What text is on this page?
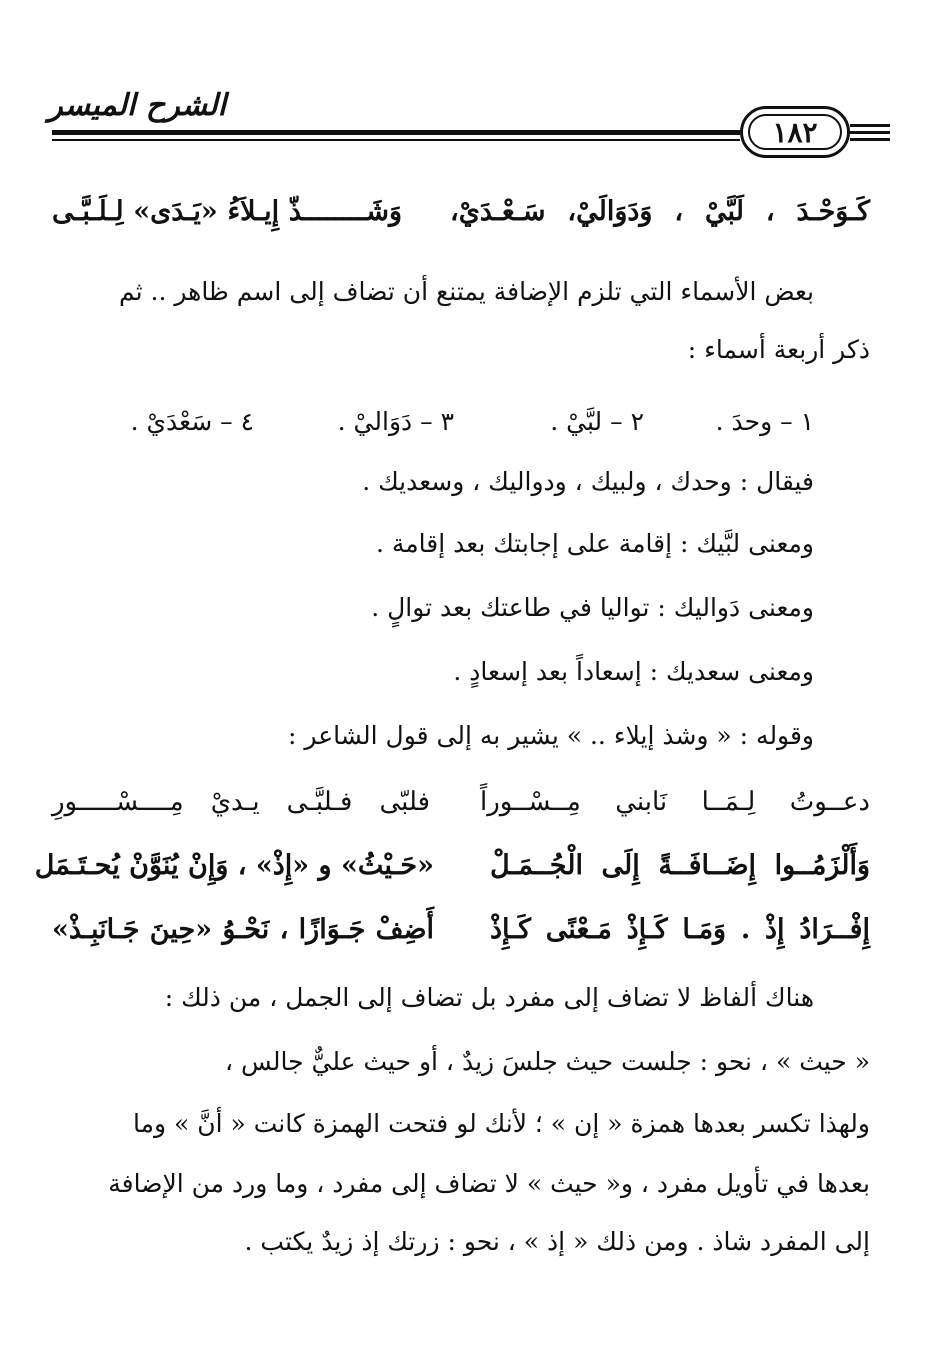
الشرح الميسر
١٨٢
كَـوَحْـدَ ، لَبَّيْ ، وَدَوَالَيْ، سَـعْـدَيْ،
وَشَــــــــذّ إِيـلاَءُ «يَـدَى» لِـلَـبَّـى
بعض الأسماء التي تلزم الإضافة يمتنع أن تضاف إلى اسم ظاهر .. ثم
ذكر أربعة أسماء :
١ – وحدَ .
٢ – لبَّيْ .
٣ – دَوَاليْ .
٤ – سَعْدَيْ .
فيقال : وحدك ، ولبيك ، ودواليك ، وسعديك .
ومعنى لبَّيك : إقامة على إجابتك بعد إقامة .
ومعنى دَواليك : تواليا في طاعتك بعد توالٍ .
ومعنى سعديك : إسعاداً بعد إسعادٍ .
وقوله : « وشذ إيلاء .. » يشير به إلى قول الشاعر :
دعــوتُ لِـمَــا نَابني مِــسْــوراً
فلبّى فـلبَّـى يـديْ مِــــسْـــــورِ
وَأَلْزَمُــوا إِضَــافَــةً إِلَى الْجُــمَـلْ
«حَـيْثُ» و «إِذْ» ، وَإِنْ يُنَوَّنْ يُحـتَـمَل
إِفْــرَادُ إِذْ . وَمَـا كَـإِذْ مَـعْنًى كَـإِذْ
أَضِفْ جَـوَازًا ، نَحْـوُ «حِينَ جَـانَبِـذْ»
هناك ألفاظ لا تضاف إلى مفرد بل تضاف إلى الجمل ، من ذلك :
« حيث » ، نحو : جلست حيث جلسَ زيدٌ ، أو حيث عليٌّ جالس ،
ولهذا تكسر بعدها همزة « إن » ؛ لأنك لو فتحت الهمزة كانت « أنَّ » وما
بعدها في تأويل مفرد ، و« حيث » لا تضاف إلى مفرد ، وما ورد من الإضافة
إلى المفرد شاذ . ومن ذلك « إذ » ، نحو : زرتك إذ زيدٌ يكتب .
